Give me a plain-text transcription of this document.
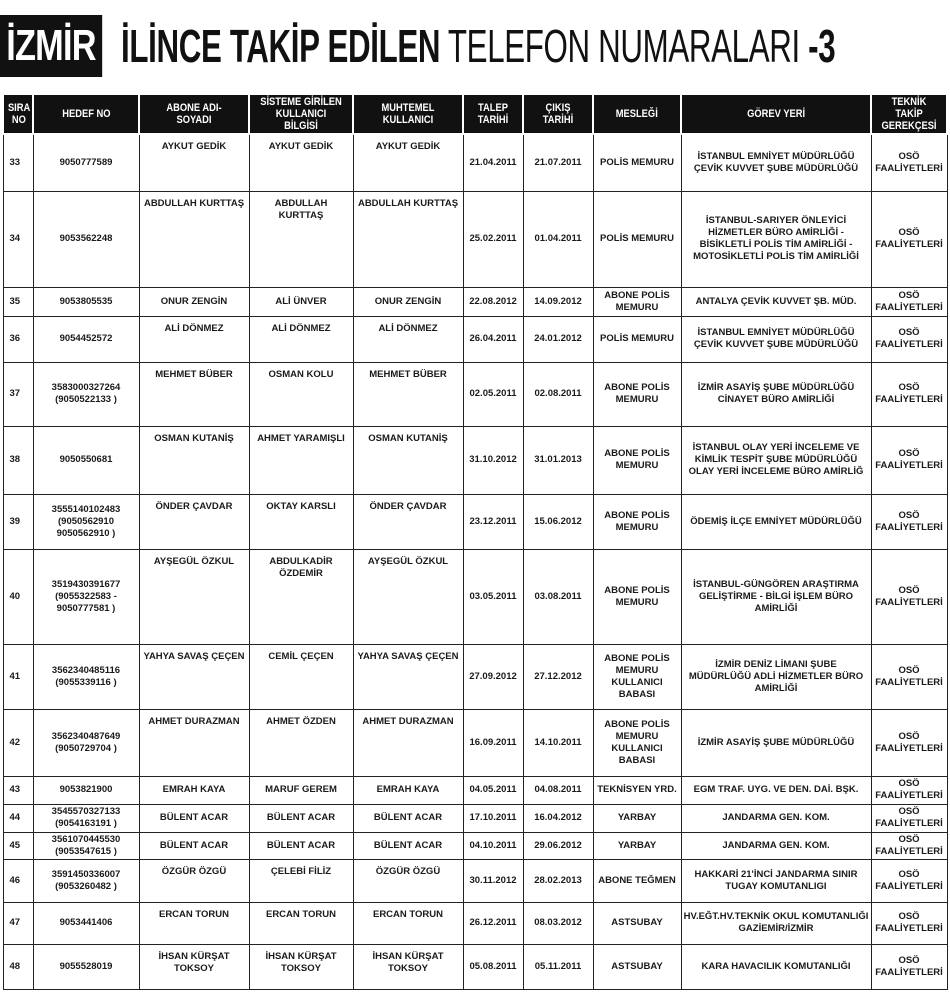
İZMİR İLİNCE TAKİP EDİLEN TELEFON NUMARALARI -3
SIRA NO	HEDEF NO	ABONE ADI-SOYADI	SİSTEME GİRİLEN KULLANICI BİLGİSİ	MUHTEMEL KULLANICI	TALEP TARİHİ	ÇIKIŞ TARİHİ	MESLEĞİ	GÖREV YERİ	TEKNİK TAKİP GEREKÇESİ
33	9050777589	AYKUT GEDİK	AYKUT GEDİK	AYKUT GEDİK	21.04.2011	21.07.2011	POLİS MEMURU	İSTANBUL EMNİYET MÜDÜRLÜĞÜ ÇEVİK KUVVET ŞUBE MÜDÜRLÜĞÜ	OSÖ FAALİYETLERİ
34	9053562248	ABDULLAH KURTTAŞ	ABDULLAH KURTTAŞ	ABDULLAH KURTTAŞ	25.02.2011	01.04.2011	POLİS MEMURU	İSTANBUL-SARIYER ÖNLEYİCİ HİZMETLER BÜRO AMİRLİĞİ - BİSİKLETLİ POLİS TİM AMİRLİĞİ - MOTOSİKLETLİ POLİS TİM AMİRLİĞİ	OSÖ FAALİYETLERİ
35	9053805535	ONUR ZENGİN	ALİ ÜNVER	ONUR ZENGİN	22.08.2012	14.09.2012	ABONE POLİS MEMURU	ANTALYA ÇEVİK KUVVET ŞB. MÜD.	OSÖ FAALİYETLERİ
36	9054452572	ALİ DÖNMEZ	ALİ DÖNMEZ	ALİ DÖNMEZ	26.04.2011	24.01.2012	POLİS MEMURU	İSTANBUL EMNİYET MÜDÜRLÜĞÜ ÇEVİK KUVVET ŞUBE MÜDÜRLÜĞÜ	OSÖ FAALİYETLERİ
37	3583000327264 (9050522133 )	MEHMET BÜBER	OSMAN KOLU	MEHMET BÜBER	02.05.2011	02.08.2011	ABONE POLİS MEMURU	İZMİR ASAYİŞ ŞUBE MÜDÜRLÜĞÜ CİNAYET BÜRO AMİRLİĞİ	OSÖ FAALİYETLERİ
38	9050550681	OSMAN KUTANİŞ	AHMET YARAMIŞLI	OSMAN KUTANİŞ	31.10.2012	31.01.2013	ABONE POLİS MEMURU	İSTANBUL OLAY YERİ İNCELEME VE KİMLİK TESPİT ŞUBE MÜDÜRLÜĞÜ OLAY YERİ İNCELEME BÜRO AMİRLİĞ	OSÖ FAALİYETLERİ
39	3555140102483 (9050562910 9050562910 )	ÖNDER ÇAVDAR	OKTAY KARSLI	ÖNDER ÇAVDAR	23.12.2011	15.06.2012	ABONE POLİS MEMURU	ÖDEMİŞ İLÇE EMNİYET MÜDÜRLÜĞÜ	OSÖ FAALİYETLERİ
40	3519430391677 (9055322583 - 9050777581 )	AYŞEGÜL ÖZKUL	ABDULKADİR ÖZDEMİR	AYŞEGÜL ÖZKUL	03.05.2011	03.08.2011	ABONE POLİS MEMURU	İSTANBUL-GÜNGÖREN ARAŞTIRMA GELİŞTİRME - BİLGİ İŞLEM BÜRO AMİRLİĞİ	OSÖ FAALİYETLERİ
41	3562340485116 (9055339116 )	YAHYA SAVAŞ ÇEÇEN	CEMİL ÇEÇEN	YAHYA SAVAŞ ÇEÇEN	27.09.2012	27.12.2012	ABONE POLİS MEMURU KULLANICI BABASI	İZMİR DENİZ LİMANI ŞUBE MÜDÜRLÜĞÜ ADLİ HİZMETLER BÜRO AMİRLİĞİ	OSÖ FAALİYETLERİ
42	3562340487649 (9050729704 )	AHMET DURAZMAN	AHMET ÖZDEN	AHMET DURAZMAN	16.09.2011	14.10.2011	ABONE POLİS MEMURU KULLANICI BABASI	İZMİR ASAYİŞ ŞUBE MÜDÜRLÜĞÜ	OSÖ FAALİYETLERİ
43	9053821900	EMRAH KAYA	MARUF GEREM	EMRAH KAYA	04.05.2011	04.08.2011	TEKNİSYEN YRD.	EGM TRAF. UYG. VE DEN. DAİ. BŞK.	OSÖ FAALİYETLERİ
44	3545570327133 (9054163191 )	BÜLENT ACAR	BÜLENT ACAR	BÜLENT ACAR	17.10.2011	16.04.2012	YARBAY	JANDARMA GEN. KOM.	OSÖ FAALİYETLERİ
45	3561070445530 (9053547615 )	BÜLENT ACAR	BÜLENT ACAR	BÜLENT ACAR	04.10.2011	29.06.2012	YARBAY	JANDARMA GEN. KOM.	OSÖ FAALİYETLERİ
46	3591450336007 (9053260482 )	ÖZGÜR ÖZGÜ	ÇELEBİ FİLİZ	ÖZGÜR ÖZGÜ	30.11.2012	28.02.2013	ABONE TEĞMEN	HAKKARİ 21'İNCİ JANDARMA SINIR TUGAY KOMUTANLIGI	OSÖ FAALİYETLERİ
47	9053441406	ERCAN TORUN	ERCAN TORUN	ERCAN TORUN	26.12.2011	08.03.2012	ASTSUBAY	HV.EĞT.HV.TEKNİK OKUL KOMUTANLIĞI GAZİEMİR/İZMİR	OSÖ FAALİYETLERİ
48	9055528019	İHSAN KÜRŞAT TOKSOY	İHSAN KÜRŞAT TOKSOY	İHSAN KÜRŞAT TOKSOY	05.08.2011	05.11.2011	ASTSUBAY	KARA HAVACILIK KOMUTANLIĞI	OSÖ FAALİYETLERİ
